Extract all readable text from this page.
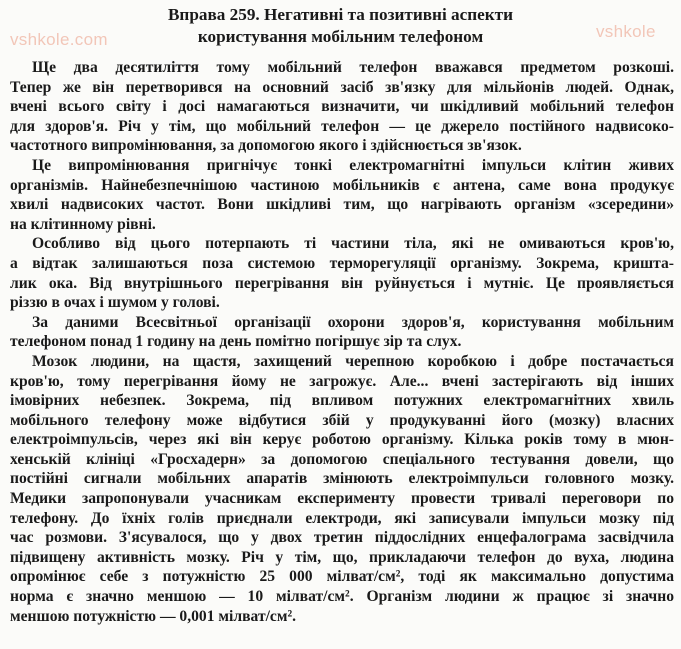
vshkole.com	vshkole
Вправа 259. Негативні та позитивні аспекти
користування мобільним телефоном
Ще два десятиліття тому мобільний телефон вважався предметом розкоші.
Тепер же він перетворився на основний засіб зв'язку для мільйонів людей. Однак,
вчені всього світу і досі намагаються визначити, чи шкідливий мобільний телефон
для здоров'я. Річ у тім, що мобільний телефон — це джерело постійного надвисоко-
частотного випромінювання, за допомогою якого і здійснюється зв'язок.
Це випромінювання пригнічує тонкі електромагнітні імпульси клітин живих
організмів. Найнебезпечнішою частиною мобільників є антена, саме вона продукує
хвилі надвисоких частот. Вони шкідливі тим, що нагрівають організм «зсередини»
на клітинному рівні.
Особливо від цього потерпають ті частини тіла, які не омиваються кров'ю,
а відтак залишаються поза системою терморегуляції організму. Зокрема, кришта-
лик ока. Від внутрішнього перегрівання він руйнується і мутніє. Це проявляється
різзю в очах і шумом у голові.
За даними Всесвітньої організації охорони здоров'я, користування мобільним
телефоном понад 1 годину на день помітно погіршує зір та слух.
Мозок людини, на щастя, захищений черепною коробкою і добре постачається
кров'ю, тому перегрівання йому не загрожує. Але... вчені застерігають від інших
імовірних небезпек. Зокрема, під впливом потужних електромагнітних хвиль
мобільного телефону може відбутися збій у продукуванні його (мозку) власних
електроімпульсів, через які він керує роботою організму. Кілька років тому в мюн-
хенській клініці «Гросхадерн» за допомогою спеціального тестування довели, що
постійні сигнали мобільних апаратів змінюють електроімпульси головного мозку.
Медики запропонували учасникам експерименту провести тривалі переговори по
телефону. До їхніх голів приєднали електроди, які записували імпульси мозку під
час розмови. З'ясувалося, що у двох третин піддослідних енцефалограма засвідчила
підвищену активність мозку. Річ у тім, що, прикладаючи телефон до вуха, людина
опромінює себе з потужністю 25 000 мілват/см², тоді як максимально допустима
норма є значно меншою — 10 мілват/см². Організм людини ж працює зі значно
меншою потужністю — 0,001 мілват/см².
